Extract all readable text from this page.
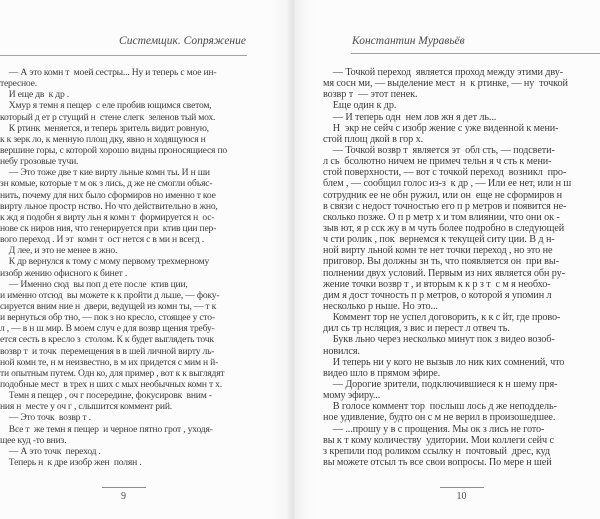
Системщик. Сопряжение
— А это комн т  моей сестры... Ну и теперь с мое ин-
тересное.
И еще дв  к др .
Хмур я темн я пещер  с еле пробив ющимся светом,
который д ет р стущий н  стене слегк  зеленов тый мох.
К ртинк  меняется, и теперь зритель видит ровную,
к к зерк ло, к менную площ дку, явно н ходящуюся н
вершине горы, с которой хорошо видны проносящиеся по
небу грозовые тучи.
— Это тоже две т кие вирту льные комн ты. И н ши
зн комые, которые т м ок з лись, д же не смогли объяс-
нить, почему для них было сформиров но именно т кое
вирту льное простр нство. Но что действительно в жно,
к жд я подобн я вирту льн я комн т  формируется н  ос-
нове ск ниров ния, что генерируется при  ктив ции пер-
вого переход . И эт  комн т  ост нется с в ми н всегд .
Д лее, и это не менее в жно.
К др вернулся к тому с мому первому трехмерному
изобр жению офисного к бинет .
— Именно сюд  вы поп д ете после  ктив ции,
и именно отсюд  вы можете к к пройти д льше, — фоку-
сируется вним ние н  двери, ведущей из комн ты, — т к
и вернуться обр тно, — пок з но кресло, стоящее у сто-
л , — в н ш мир. В моем случ е для возвр щения требу-
ется сесть в кресло з  столом. К к будет выглядеть точк
возвр т  и точк  перемещения в в шей личной вирту ль-
ной комн те, н м неизвестно, в м их придется с мим н й-
ти опытным путем. Одн ко, для пример , вот к к выглядят
подобные мест  в трех н ших с мых необычных комн т х.
Темн я пещер , оч г посередине, фокусировк  вним -
ния н  месте у оч г , слышится коммент рий.
— Это точк  возвр т .
Все т  же темн я пещер  и черное пятно грот , уходя-
щее куд -то вниз.
— А это точк  переход .
Теперь н  к дре изобр жен  полян .
9
Константин Муравьёв
— Точкой переход  является проход между этими дву-
мя сосн ми, — выделение мест  н  к ртинке, — ну  точкой
возвр т  — этот пенек.
Еще один к др.
— И теперь одн  нем лов жн я дет ль...
Н  экр не сейч с изобр жение с уже виденной к мени-
стой площ дкой в гор х.
— Точкой возвр т  является эт  обл сть, — подсвети-
л сь  бсолютно ничем не примеч тельн я ч сть к мени-
стой поверхности, — вот с точкой переход  возникл  про-
блем , — сообщил голос из-з  к др , — Или ее нет, или н ш
сотрудник ее не обн ружил, или он  еще не сформиров н
в связи с недост точностью его п р метров и появится не-
сколько позже. О п р метр х и том влиянии, что они ок -
зыв ют, я р сск жу в м чуть более подробно в следующей
ч сти ролик , пок  вернемся к текущей ситу ции. В д н-
ной вирту льной комн те нет точки переход , но это не
приговор. Вы должны зн ть, что появляется он  при вы-
полнении двух условий. Первым из них является обн ру-
жение точки возвр т , и вторым к к р з т  с м я необхо-
дим я дост точность п р метров, о которой я упомин л
несколько р ньше. Но это...
Коммент тор не успел договорить, к к с йт, где прово-
дил сь тр нсляция, з вис и перест л отвеч ть.
Букв льно через несколько минут пок з видео возоб-
новился.
И теперь ни у кого не вызыв ло ник ких сомнений, что
видео шло в прямом эфире.
— Дорогие зрители, подключившиеся к н шему пря-
мому эфиру...
В голосе коммент тор  послыш лось д же неподдель-
ное удивление, будто он с м не верил в произошедшее.
— ...прошу у в с прощения. Мы ок з лись не гото-
вы к т кому количеству  удитории. Мои коллеги сейч с
з крепили под роликом ссылку н  почтовый  дрес, куд
вы можете отсыл ть все свои вопросы. По мере н шей
10
